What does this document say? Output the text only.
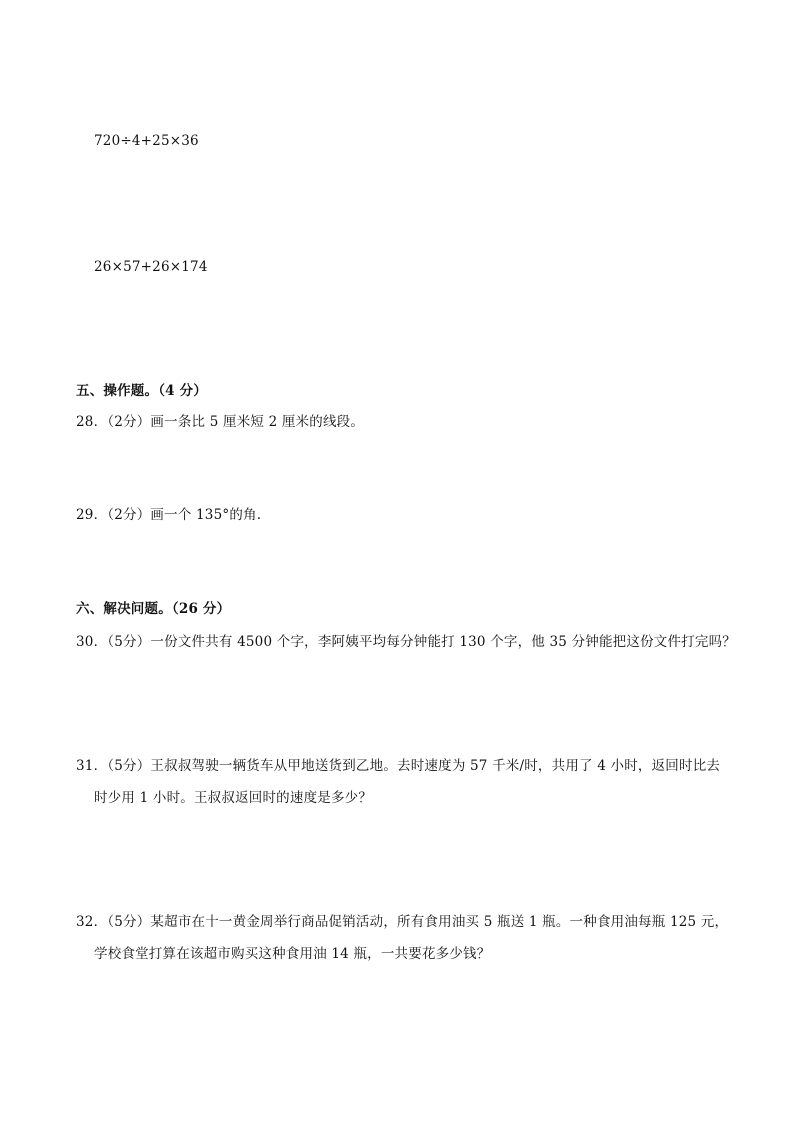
720÷4+25×36
26×57+26×174
五、操作题。（4 分）
28．（2分）画一条比 5 厘米短 2 厘米的线段。
29．（2分）画一个 135°的角.
六、解决问题。（26 分）
30．（5分）一份文件共有 4500 个字，李阿姨平均每分钟能打 130 个字，他 35 分钟能把这份文件打完吗？
31．（5分）王叔叔驾驶一辆货车从甲地送货到乙地。去时速度为 57 千米/时，共用了 4 小时，返回时比去
时少用 1 小时。王叔叔返回时的速度是多少？
32．（5分）某超市在十一黄金周举行商品促销活动，所有食用油买 5 瓶送 1 瓶。一种食用油每瓶 125 元，
学校食堂打算在该超市购买这种食用油 14 瓶，一共要花多少钱？
